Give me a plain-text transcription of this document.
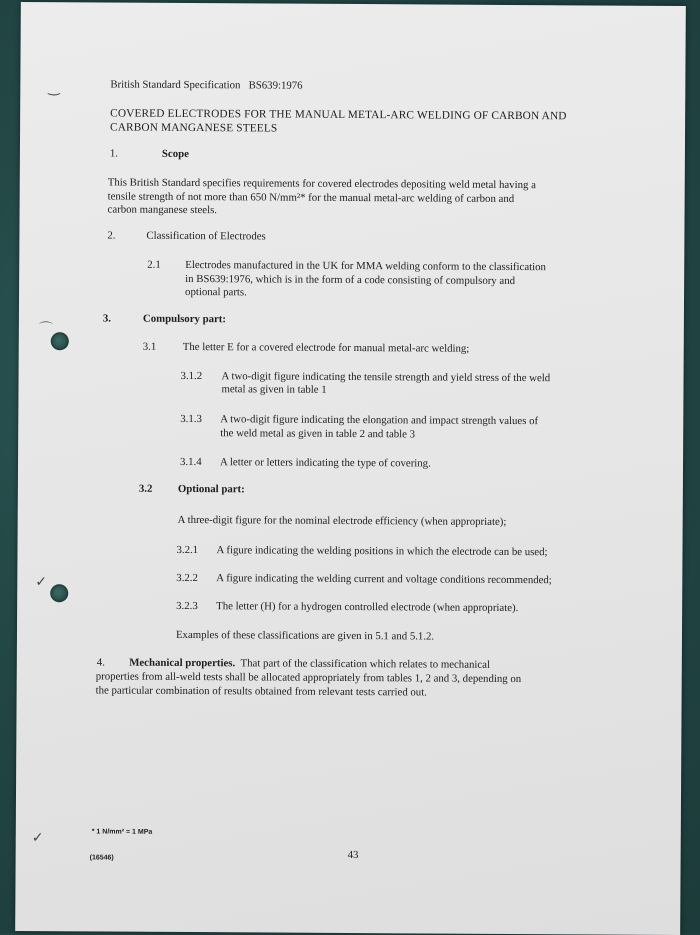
‿
⌒
✓
✓
British Standard Specification BS639:1976
COVERED ELECTRODES FOR THE MANUAL METAL-ARC WELDING OF CARBON AND
CARBON MANGANESE STEELS
1.	Scope
This British Standard specifies requirements for covered electrodes depositing weld metal having a
tensile strength of not more than 650 N/mm²* for the manual metal-arc welding of carbon and
carbon manganese steels.
2.	Classification of Electrodes
2.1 Electrodes manufactured in the UK for MMA welding conform to the classification
in BS639:1976, which is in the form of a code consisting of compulsory and
optional parts.
3.	Compulsory part:
3.1 The letter E for a covered electrode for manual metal-arc welding;
3.1.2 A two-digit figure indicating the tensile strength and yield stress of the weld
metal as given in table 1
3.1.3 A two-digit figure indicating the elongation and impact strength values of
the weld metal as given in table 2 and table 3
3.1.4 A letter or letters indicating the type of covering.
3.2 Optional part:
A three-digit figure for the nominal electrode efficiency (when appropriate);
3.2.1 A figure indicating the welding positions in which the electrode can be used;
3.2.2 A figure indicating the welding current and voltage conditions recommended;
3.2.3 The letter (H) for a hydrogen controlled electrode (when appropriate).
Examples of these classifications are given in 5.1 and 5.1.2.
4. Mechanical properties. That part of the classification which relates to mechanical
properties from all-weld tests shall be allocated appropriately from tables 1, 2 and 3, depending on
the particular combination of results obtained from relevant tests carried out.
* 1 N/mm² = 1 MPa
(16546)	43
